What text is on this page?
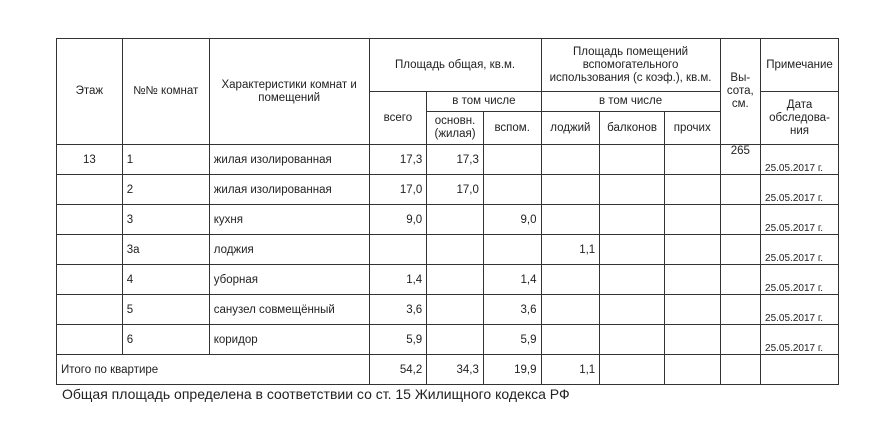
Этаж	№№ комнат	Характеристики комнат и помещений	Площадь общая, кв.м.			Площадь помещений вспомогательного использования (с коэф.), кв.м.			Вы-сота, см.	Примечание
			всего	в том числе		в том числе				Дата обследова-ния
				основн. (жилая)	вспом.	лоджий	балконов	прочих		
13	1	жилая изолированная	17,3	17,3					265	25.05.2017 г.
	2	жилая изолированная	17,0	17,0						25.05.2017 г.
	3	кухня	9,0		9,0					25.05.2017 г.
	3а	лоджия				1,1				25.05.2017 г.
	4	уборная	1,4		1,4					25.05.2017 г.
	5	санузел совмещённый	3,6		3,6					25.05.2017 г.
	6	коридор	5,9		5,9					25.05.2017 г.
Итого по квартире			54,2	34,3	19,9	1,1				
Общая площадь определена в соответствии со ст. 15 Жилищного кодекса РФ
